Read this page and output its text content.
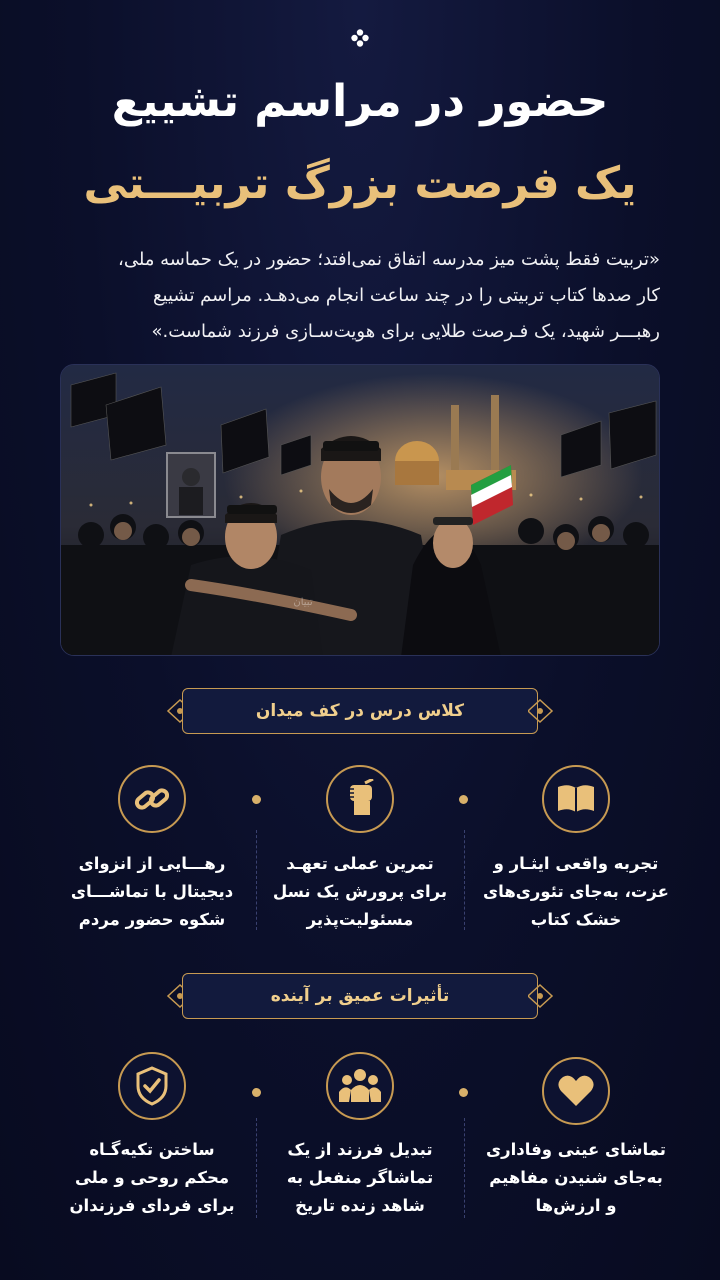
حضور در مراسم تشییع
یک فرصت بزرگ تربیـــتی
«تربیت فقط پشت میز مدرسه اتفاق نمی‌افتد؛ حضور در یک حماسه ملی،
کار صدها کتاب تربیتی را در چند ساعت انجام می‌دهـد. مراسم تشییع
رهبـــر شهید، یک فـرصت طلایی برای هویت‌سـازی فرزند شماست.»
تبیان
کلاس درس در کف میدان
تجربه واقعی ایثـار و
عزت، به‌جای تئوری‌های
خشک کتاب
تمرین عملی تعهـد
برای پرورش یک نسل
مسئولیت‌پذیر
رهـــایی از انزوای
دیجیتال با تماشـــای
شکوه حضور مردم
تأثیرات عمیق بر آینده
تماشای عینی وفاداری
به‌جای شنیدن مفاهیم
و ارزش‌ها
تبدیل فرزند از یک
تماشاگر منفعل به
شاهد زنده تاریخ
ساختن تکیه‌گـاه
محکم روحی و ملی
برای فردای فرزندان
